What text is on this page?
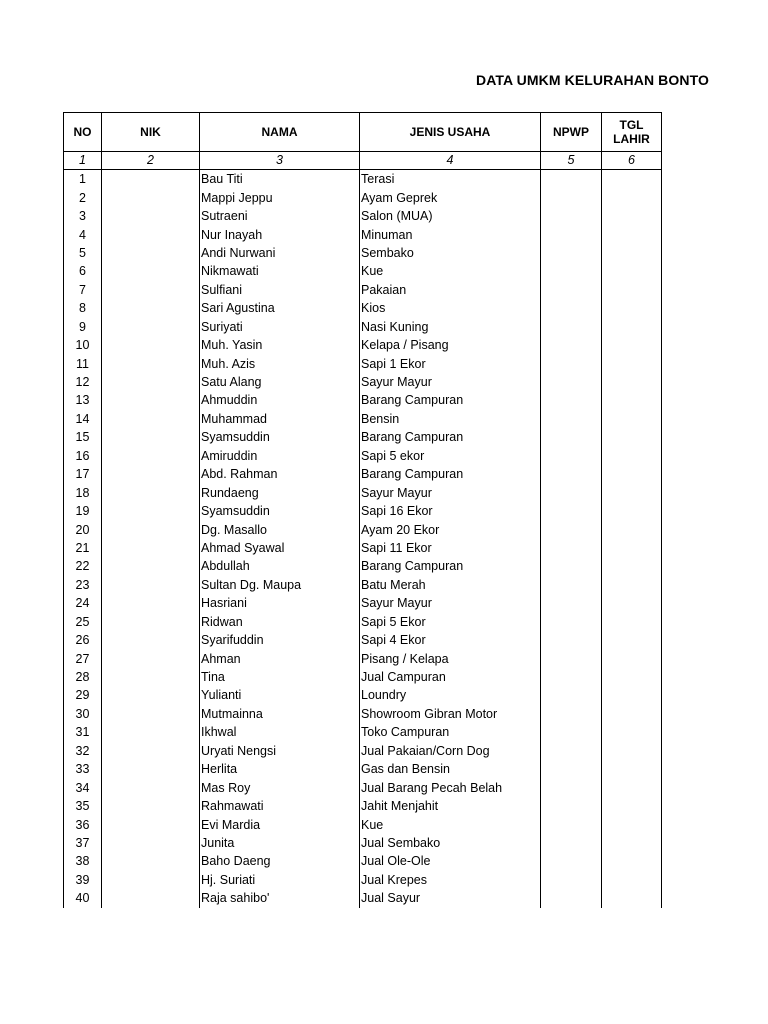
DATA UMKM KELURAHAN BONTO
NO	NIK	NAMA	JENIS USAHA	NPWP	TGL LAHIR
1	2	3	4	5	6
1		Bau Titi	Terasi		
2		Mappi Jeppu	Ayam Geprek		
3		Sutraeni	Salon (MUA)		
4		Nur Inayah	Minuman		
5		Andi Nurwani	Sembako		
6		Nikmawati	Kue		
7		Sulfiani	Pakaian		
8		Sari Agustina	Kios		
9		Suriyati	Nasi Kuning		
10		Muh. Yasin	Kelapa / Pisang		
11		Muh. Azis	Sapi 1 Ekor		
12		Satu Alang	Sayur Mayur		
13		Ahmuddin	Barang Campuran		
14		Muhammad	Bensin		
15		Syamsuddin	Barang Campuran		
16		Amiruddin	Sapi 5 ekor		
17		Abd. Rahman	Barang Campuran		
18		Rundaeng	Sayur Mayur		
19		Syamsuddin	Sapi 16 Ekor		
20		Dg. Masallo	Ayam 20 Ekor		
21		Ahmad Syawal	Sapi 11 Ekor		
22		Abdullah	Barang Campuran		
23		Sultan Dg. Maupa	Batu Merah		
24		Hasriani	Sayur Mayur		
25		Ridwan	Sapi 5 Ekor		
26		Syarifuddin	Sapi 4 Ekor		
27		Ahman	Pisang / Kelapa		
28		Tina	Jual Campuran		
29		Yulianti	Loundry		
30		Mutmainna	Showroom Gibran Motor		
31		Ikhwal	Toko Campuran		
32		Uryati Nengsi	Jual Pakaian/Corn Dog		
33		Herlita	Gas dan Bensin		
34		Mas Roy	Jual Barang Pecah Belah		
35		Rahmawati	Jahit Menjahit		
36		Evi Mardia	Kue		
37		Junita	Jual Sembako		
38		Baho Daeng	Jual Ole-Ole		
39		Hj. Suriati	Jual Krepes		
40		Raja sahibo'	Jual Sayur		
